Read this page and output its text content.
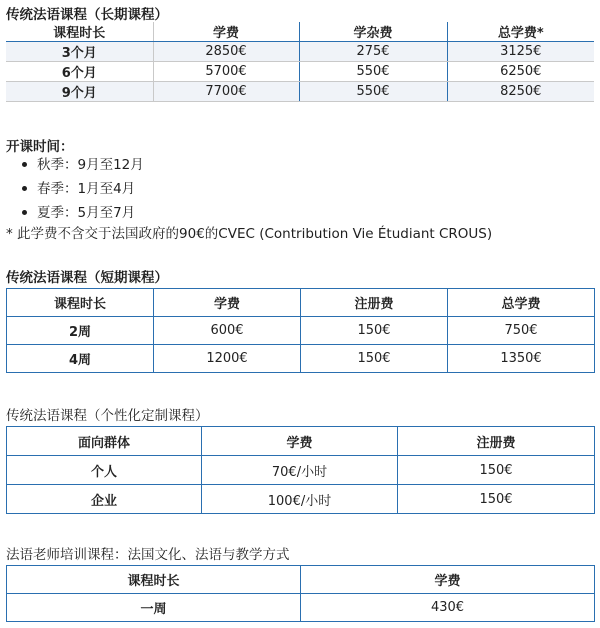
传统法语课程（长期课程）
课程时长	学费	学杂费	总学费*
3个月	2850€	275€	3125€
6个月	5700€	550€	6250€
9个月	7700€	550€	8250€
开课时间：
秋季：9月至12月
春季：1月至4月
夏季：5月至7月
* 此学费不含交于法国政府的90€的CVEC (Contribution Vie Étudiant CROUS)
传统法语课程（短期课程）
课程时长	学费	注册费	总学费
2周	600€	150€	750€
4周	1200€	150€	1350€
传统法语课程（个性化定制课程）
面向群体	学费	注册费
个人	70€/小时	150€
企业	100€/小时	150€
法语老师培训课程：法国文化、法语与教学方式
课程时长	学费
一周	430€
